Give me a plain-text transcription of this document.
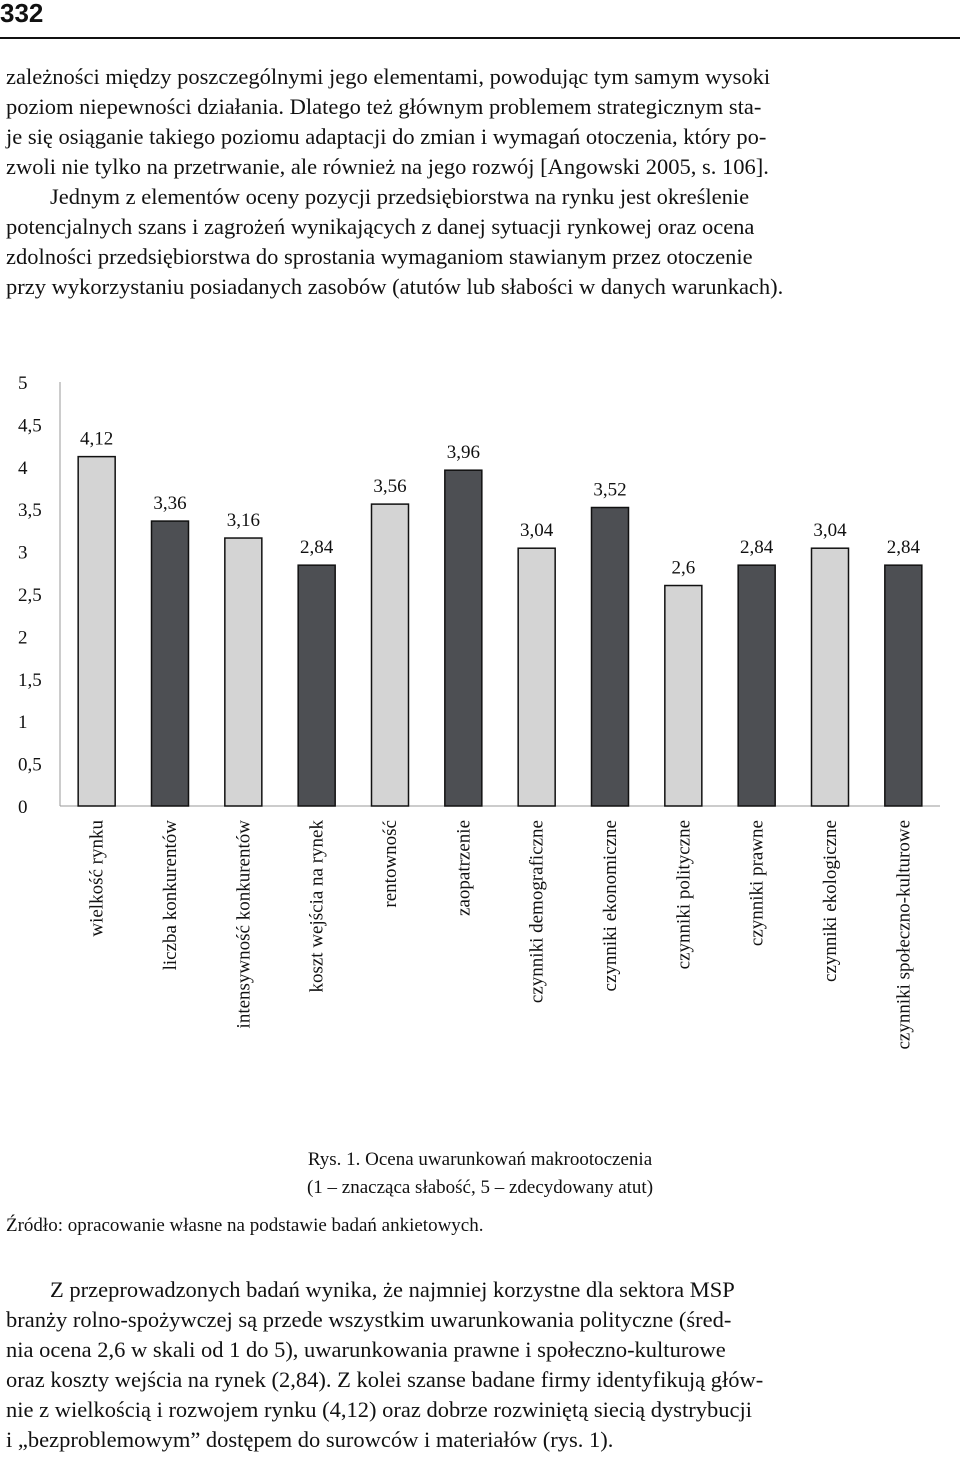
332
zależności między poszczególnymi jego elementami, powodując tym samym wysoki
poziom niepewności działania. Dlatego też głównym problemem strategicznym sta-
je się osiąganie takiego poziomu adaptacji do zmian i wymagań otoczenia, który po-
zwoli nie tylko na przetrwanie, ale również na jego rozwój [Angowski 2005, s. 106].
Jednym z elementów oceny pozycji przedsiębiorstwa na rynku jest określenie
potencjalnych szans i zagrożeń wynikających z danej sytuacji rynkowej oraz ocena
zdolności przedsiębiorstwa do sprostania wymaganiom stawianym przez otoczenie
przy wykorzystaniu posiadanych zasobów (atutów lub słabości w danych warunkach).
0
0,5
1
1,5
2
2,5
3
3,5
4
4,5
5
4,12
wielkość rynku
3,36
liczba konkurentów
3,16
intensywność konkurentów
2,84
koszt wejścia na rynek
3,56
rentowność
3,96
zaopatrzenie
3,04
czynniki demograficzne
3,52
czynniki ekonomiczne
2,6
czynniki polityczne
2,84
czynniki prawne
3,04
czynniki ekologiczne
2,84
czynniki społeczno-kulturowe
Rys. 1. Ocena uwarunkowań makrootoczenia
(1 – znacząca słabość, 5 – zdecydowany atut)
Źródło: opracowanie własne na podstawie badań ankietowych.
Z przeprowadzonych badań wynika, że najmniej korzystne dla sektora MSP
branży rolno-spożywczej są przede wszystkim uwarunkowania polityczne (śred-
nia ocena 2,6 w skali od 1 do 5), uwarunkowania prawne i społeczno-kulturowe
oraz koszty wejścia na rynek (2,84). Z kolei szanse badane firmy identyfikują głów-
nie z wielkością i rozwojem rynku (4,12) oraz dobrze rozwiniętą siecią dystrybucji
i „bezproblemowym” dostępem do surowców i materiałów (rys. 1).
